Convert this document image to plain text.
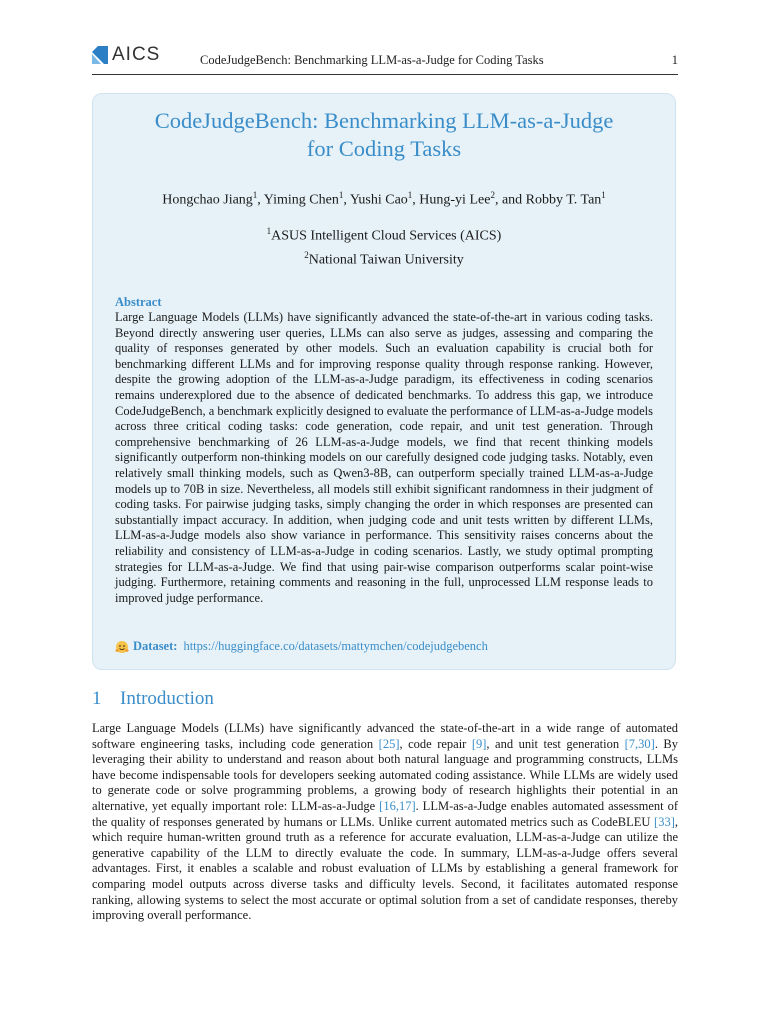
AICS	CodeJudgeBench: Benchmarking LLM-as-a-Judge for Coding Tasks	1
CodeJudgeBench: Benchmarking LLM-as-a-Judge
for Coding Tasks
Hongchao Jiang$^1$, Yiming Chen$^1$, Yushi Cao$^1$, Hung-yi Lee$^2$, and Robby T. Tan$^1$
$^1$ASUS Intelligent Cloud Services (AICS)
$^2$National Taiwan University
Abstract
Large Language Models (LLMs) have significantly advanced the state-of-the-art in various coding tasks. Beyond directly answering user queries, LLMs can also serve as judges, assessing and comparing the quality of responses generated by other models. Such an evaluation capability is crucial both for benchmarking different LLMs and for improving response quality through response ranking. However, despite the growing adoption of the LLM-as-a-Judge paradigm, its effectiveness in coding scenarios remains underexplored due to the absence of dedicated benchmarks. To address this gap, we introduce CodeJudgeBench, a benchmark explicitly designed to evaluate the performance of LLM-as-a-Judge models across three critical coding tasks: code generation, code repair, and unit test generation. Through comprehensive benchmarking of 26 LLM-as-a-Judge models, we find that recent thinking models significantly outperform non-thinking models on our carefully designed code judging tasks. Notably, even relatively small thinking models, such as Qwen3-8B, can outperform specially trained LLM-as-a-Judge models up to 70B in size. Nevertheless, all models still exhibit significant randomness in their judgment of coding tasks. For pairwise judging tasks, simply changing the order in which responses are presented can substantially impact accuracy. In addition, when judging code and unit tests written by different LLMs, LLM-as-a-Judge models also show variance in performance. This sensitivity raises concerns about the reliability and consistency of LLM-as-a-Judge in coding scenarios. Lastly, we study optimal prompting strategies for LLM-as-a-Judge. We find that using pair-wise comparison outperforms scalar point-wise judging. Furthermore, retaining comments and reasoning in the full, unprocessed LLM response leads to improved judge performance.
Dataset: https://huggingface.co/datasets/mattymchen/codejudgebench
1 Introduction
Large Language Models (LLMs) have significantly advanced the state-of-the-art in a wide range of automated software engineering tasks, including code generation [25], code repair [9], and unit test generation [7,30]. By leveraging their ability to understand and reason about both natural language and programming constructs, LLMs have become indispensable tools for developers seeking automated coding assistance. While LLMs are widely used to generate code or solve programming problems, a growing body of research highlights their potential in an alternative, yet equally important role: LLM-as-a-Judge [16,17]. LLM-as-a-Judge enables automated assessment of the quality of responses generated by humans or LLMs. Unlike current automated metrics such as CodeBLEU [33], which require human-written ground truth as a reference for accurate evaluation, LLM-as-a-Judge can utilize the generative capability of the LLM to directly evaluate the code. In summary, LLM-as-a-Judge offers several advantages. First, it enables a scalable and robust evaluation of LLMs by establishing a general framework for comparing model outputs across diverse tasks and difficulty levels. Second, it facilitates automated response ranking, allowing systems to select the most accurate or optimal solution from a set of candidate responses, thereby improving overall performance.
